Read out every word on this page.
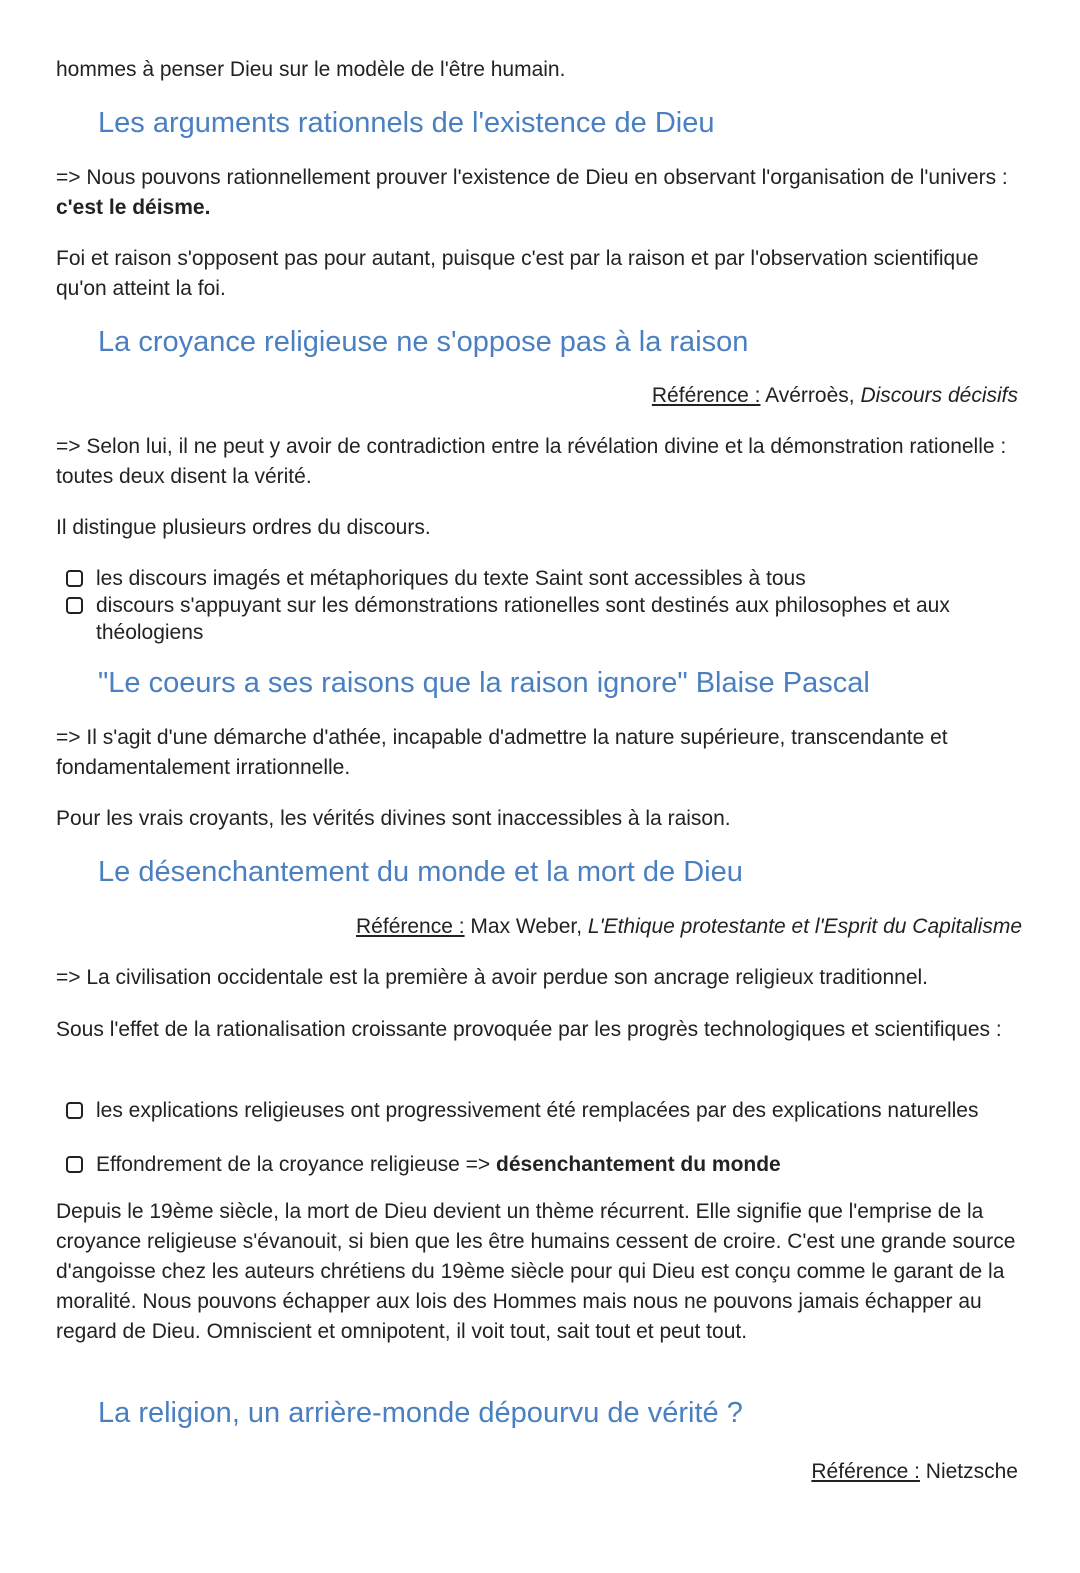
hommes à penser Dieu sur le modèle de l'être humain.

Les arguments rationnels de l'existence de Dieu

=> Nous pouvons rationnellement prouver l'existence de Dieu en observant l'organisation de l'univers : c'est le déisme.

Foi et raison s'opposent pas pour autant, puisque c'est par la raison et par l'observation scientifique qu'on atteint la foi.

La croyance religieuse ne s'oppose pas à la raison
Référence : Avérroès, Discours décisifs

=> Selon lui, il ne peut y avoir de contradiction entre la révélation divine et la démonstration rationelle : toutes deux disent la vérité.

Il distingue plusieurs ordres du discours.

les discours imagés et métaphoriques du texte Saint sont accessibles à tous
discours s'appuyant sur les démonstrations rationelles sont destinés aux philosophes et aux théologiens
"Le coeurs a ses raisons que la raison ignore" Blaise Pascal

=> Il s'agit d'une démarche d'athée, incapable d'admettre la nature supérieure, transcendante et fondamentalement irrationnelle.

Pour les vrais croyants, les vérités divines sont inaccessibles à la raison.

Le désenchantement du monde et la mort de Dieu
Référence : Max Weber, L'Ethique protestante et l'Esprit du Capitalisme

=> La civilisation occidentale est la première à avoir perdue son ancrage religieux traditionnel.

Sous l'effet de la rationalisation croissante provoquée par les progrès technologiques et scientifiques :

les explications religieuses ont progressivement été remplacées par des explications naturelles
Effondrement de la croyance religieuse => désenchantement du monde

Depuis le 19ème siècle, la mort de Dieu devient un thème récurrent. Elle signifie que l'emprise de la croyance religieuse s'évanouit, si bien que les être humains cessent de croire. C'est une grande source d'angoisse chez les auteurs chrétiens du 19ème siècle pour qui Dieu est conçu comme le garant de la moralité. Nous pouvons échapper aux lois des Hommes mais nous ne pouvons jamais échapper au regard de Dieu. Omniscient et omnipotent, il voit tout, sait tout et peut tout.

La religion, un arrière-monde dépourvu de vérité ?
Référence : Nietzsche
